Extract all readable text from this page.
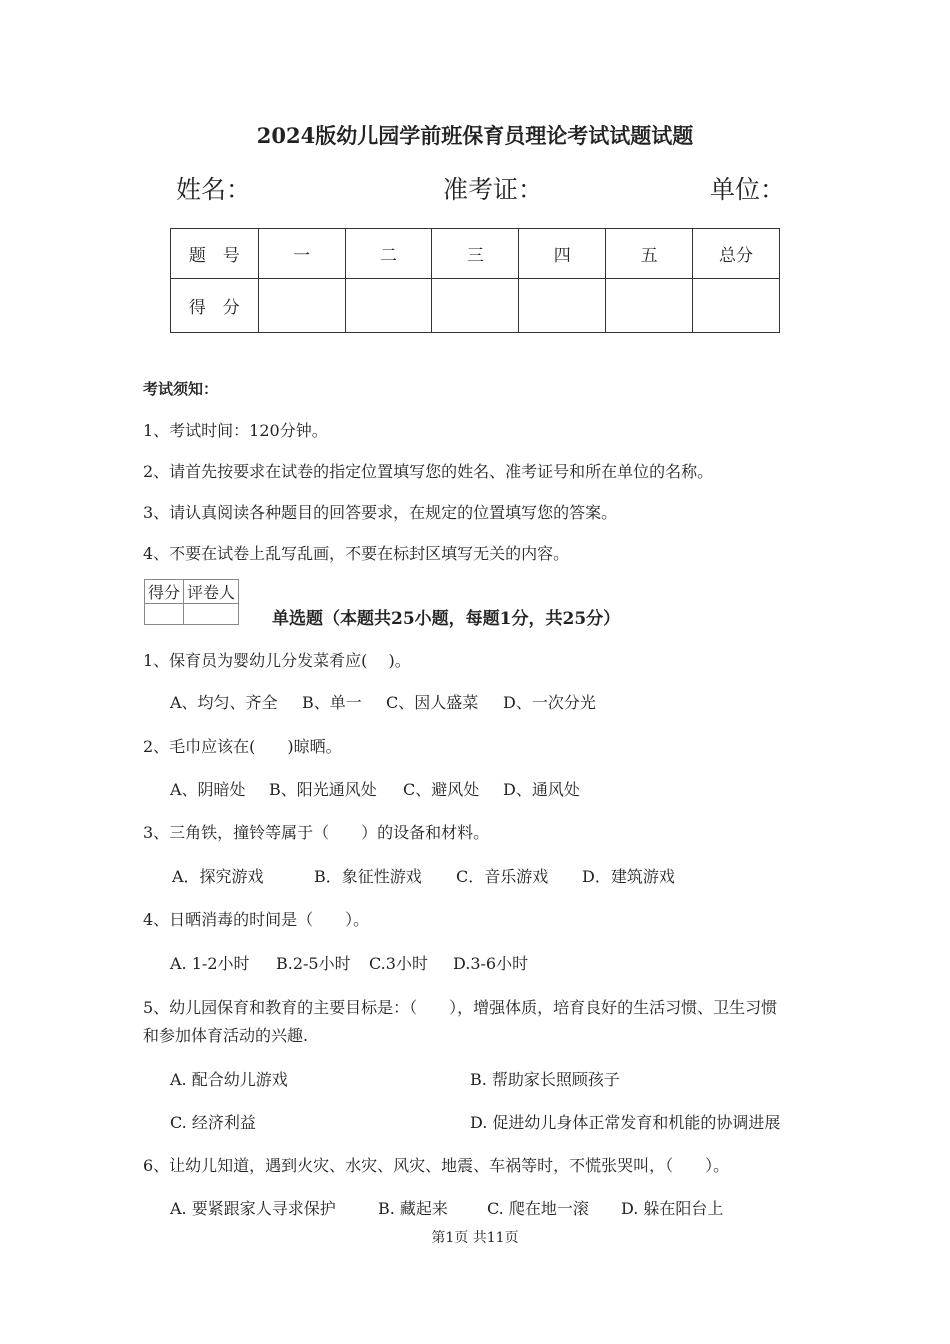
2024版幼儿园学前班保育员理论考试试题试题
姓名：	准考证：	单位：
题　号	一	二	三	四	五	总分
得　分						
考试须知：
1、考试时间：120分钟。
2、请首先按要求在试卷的指定位置填写您的姓名、准考证号和所在单位的名称。
3、请认真阅读各种题目的回答要求，在规定的位置填写您的答案。
4、不要在试卷上乱写乱画，不要在标封区填写无关的内容。
得分	评卷人

单选题（本题共25小题，每题1分，共25分）
1、保育员为婴幼儿分发菜肴应(　 )。
A、均匀、齐全 B、单一 C、因人盛菜 D、一次分光
2、毛巾应该在(　　)晾晒。
A、阴暗处 B、阳光通风处 C、避风处 D、通风处
3、三角铁，撞铃等属于（　　）的设备和材料。
A．探究游戏	B．象征性游戏 C．音乐游戏 D．建筑游戏
4、日晒消毒的时间是（　　）。
A. 1-2小时 B.2-5小时 C.3小时 D.3-6小时
5、幼儿园保育和教育的主要目标是：（　　），增强体质，培育良好的生活习惯、卫生习惯
和参加体育活动的兴趣.
A. 配合幼儿游戏	B. 帮助家长照顾孩子
C. 经济利益	D. 促进幼儿身体正常发育和机能的协调进展
6、让幼儿知道，遇到火灾、水灾、风灾、地震、车祸等时，不慌张哭叫，（　　）。
A. 要紧跟家人寻求保护	B. 藏起来 C. 爬在地一滚 D. 躲在阳台上
第1页 共11页
